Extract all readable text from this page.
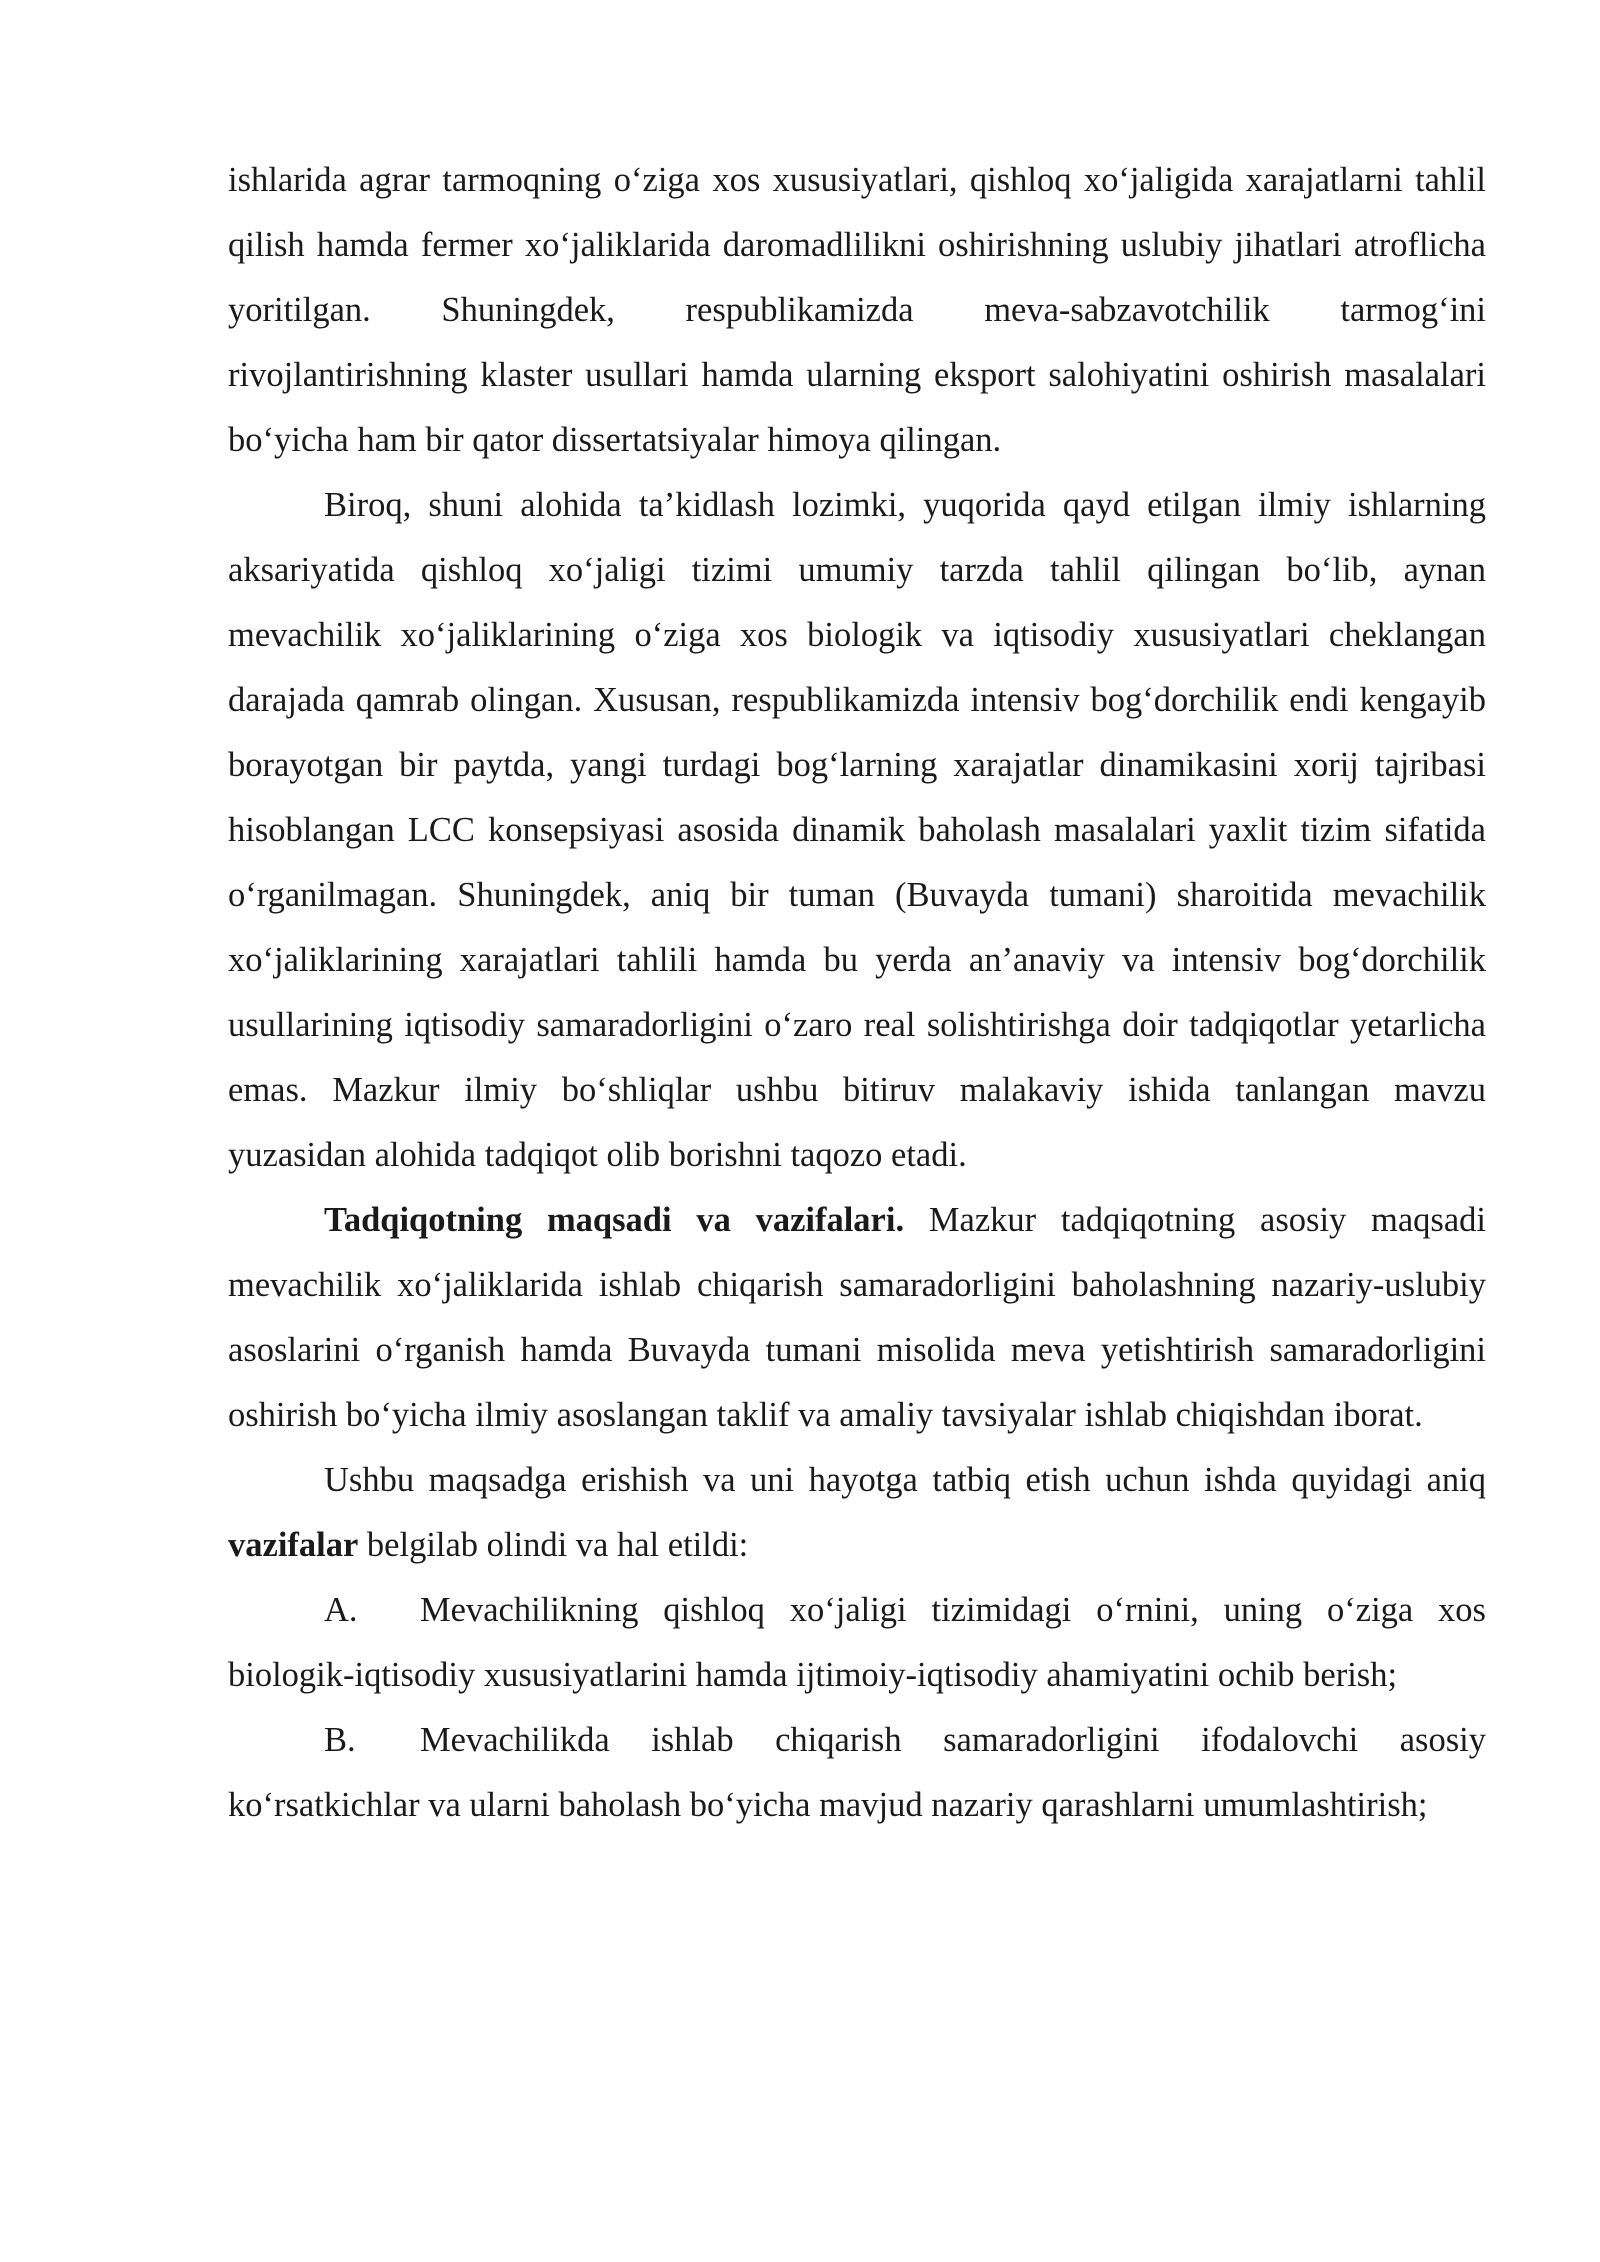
ishlarida agrar tarmoqning o‘ziga xos xususiyatlari, qishloq xo‘jaligida xarajatlarni tahlil qilish hamda fermer xo‘jaliklarida daromadlilikni oshirishning uslubiy jihatlari atroflicha yoritilgan. Shuningdek, respublikamizda meva-sabzavotchilik tarmog‘ini rivojlantirishning klaster usullari hamda ularning eksport salohiyatini oshirish masalalari bo‘yicha ham bir qator dissertatsiyalar himoya qilingan.

Biroq, shuni alohida ta’kidlash lozimki, yuqorida qayd etilgan ilmiy ishlarning aksariyatida qishloq xo‘jaligi tizimi umumiy tarzda tahlil qilingan bo‘lib, aynan mevachilik xo‘jaliklarining o‘ziga xos biologik va iqtisodiy xususiyatlari cheklangan darajada qamrab olingan. Xususan, respublikamizda intensiv bog‘dorchilik endi kengayib borayotgan bir paytda, yangi turdagi bog‘larning xarajatlar dinamikasini xorij tajribasi hisoblangan LCC konsepsiyasi asosida dinamik baholash masalalari yaxlit tizim sifatida o‘rganilmagan. Shuningdek, aniq bir tuman (Buvayda tumani) sharoitida mevachilik xo‘jaliklarining xarajatlari tahlili hamda bu yerda an’anaviy va intensiv bog‘dorchilik usullarining iqtisodiy samaradorligini o‘zaro real solishtirishga doir tadqiqotlar yetarlicha emas. Mazkur ilmiy bo‘shliqlar ushbu bitiruv malakaviy ishida tanlangan mavzu yuzasidan alohida tadqiqot olib borishni taqozo etadi.

Tadqiqotning maqsadi va vazifalari. Mazkur tadqiqotning asosiy maqsadi mevachilik xo‘jaliklarida ishlab chiqarish samaradorligini baholashning nazariy-uslubiy asoslarini o‘rganish hamda Buvayda tumani misolida meva yetishtirish samaradorligini oshirish bo‘yicha ilmiy asoslangan taklif va amaliy tavsiyalar ishlab chiqishdan iborat.

Ushbu maqsadga erishish va uni hayotga tatbiq etish uchun ishda quyidagi aniq vazifalar belgilab olindi va hal etildi:

A. Mevachilikning qishloq xo‘jaligi tizimidagi o‘rnini, uning o‘ziga xos biologik-iqtisodiy xususiyatlarini hamda ijtimoiy-iqtisodiy ahamiyatini ochib berish;

B. Mevachilikda ishlab chiqarish samaradorligini ifodalovchi asosiy ko‘rsatkichlar va ularni baholash bo‘yicha mavjud nazariy qarashlarni umumlashtirish;
